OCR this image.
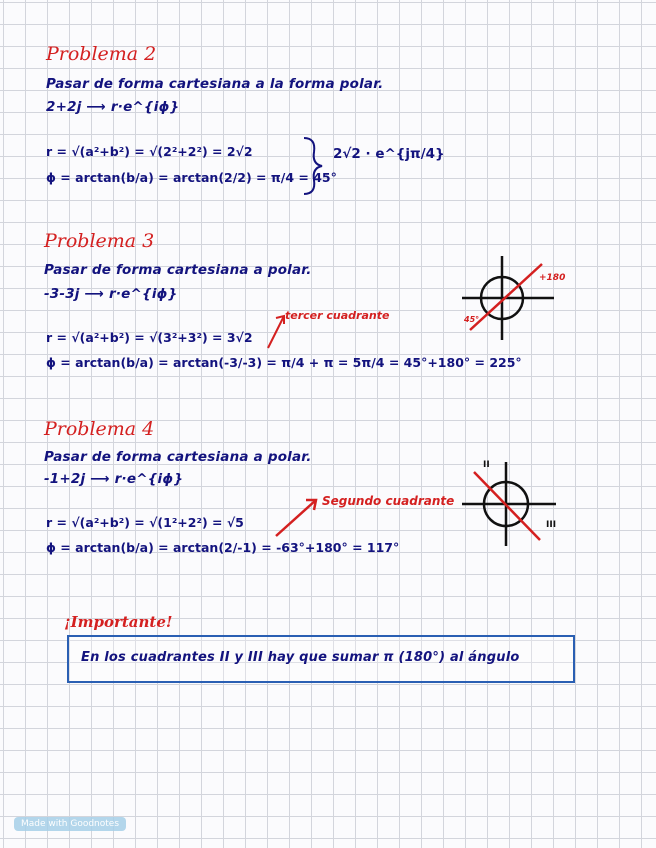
Problema 2
Pasar de forma cartesiana a la forma polar.
2+2j ⟶ r·e^{iϕ}
r = √(a²+b²) = √(2²+2²) = 2√2
ϕ = arctan(b/a) = arctan(2/2) = π/4 = 45°
2√2 · e^{jπ/4}
Problema 3
Pasar de forma cartesiana a polar.
-3-3j ⟶ r·e^{iϕ}
tercer cuadrante
r = √(a²+b²) = √(3²+3²) = 3√2
ϕ = arctan(b/a) = arctan(-3/-3) = π/4 + π = 5π/4 = 45°+180° = 225°
+180
45°
Problema 4
Pasar de forma cartesiana a polar.
-1+2j ⟶ r·e^{iϕ}
Segundo cuadrante
r = √(a²+b²) = √(1²+2²) = √5
ϕ = arctan(b/a) = arctan(2/-1) = -63°+180° = 117°
II
III
¡Importante!
En los cuadrantes II y III hay que sumar π (180°) al ángulo
Made with Goodnotes
